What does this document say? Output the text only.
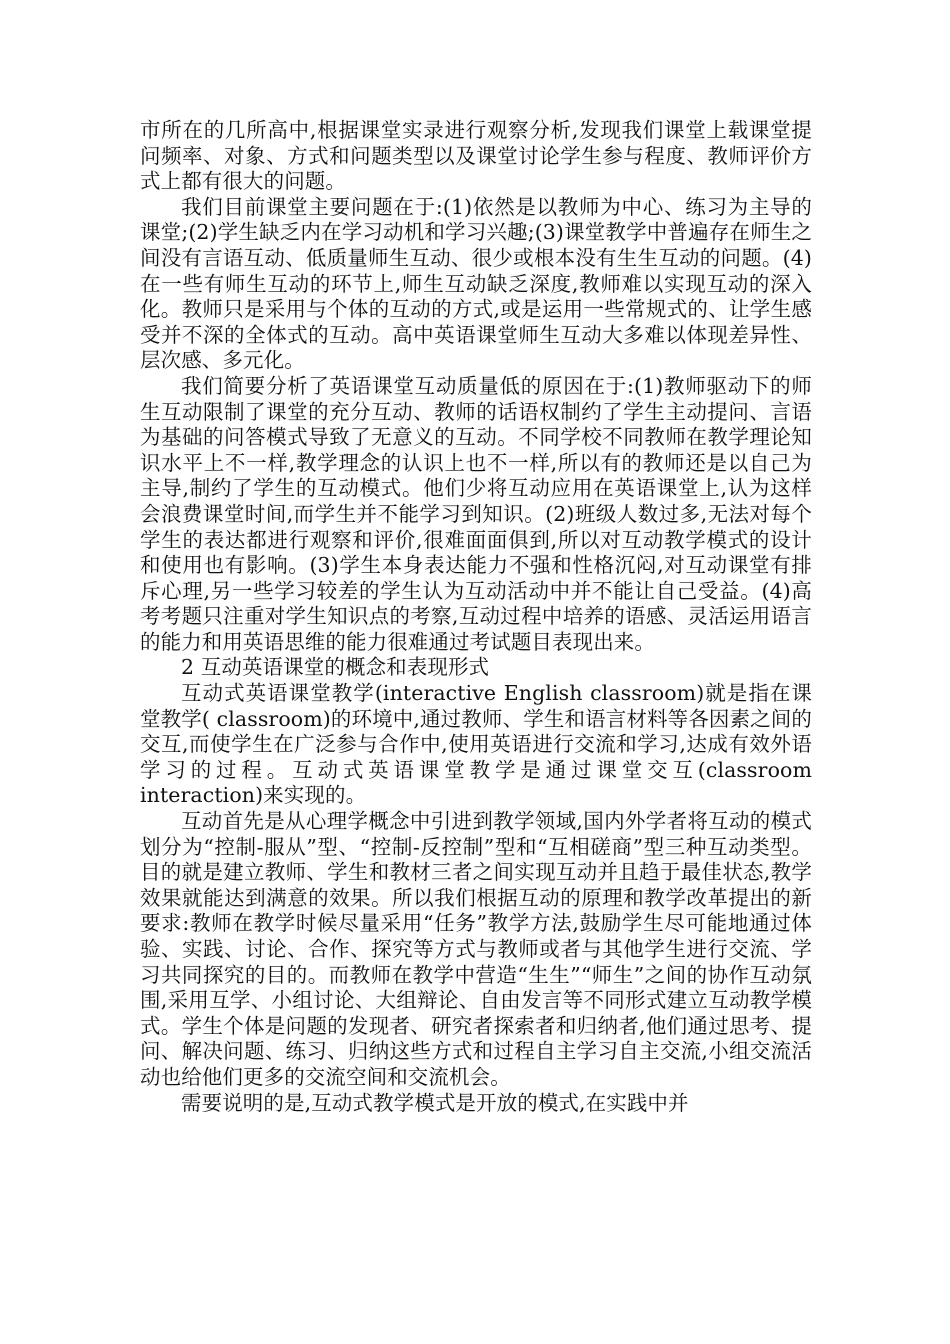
市所在的几所高中,根据课堂实录进行观察分析,发现我们课堂上载课堂提问频率、对象、方式和问题类型以及课堂讨论学生参与程度、教师评价方式上都有很大的问题。

我们目前课堂主要问题在于:(1)依然是以教师为中心、练习为主导的课堂;(2)学生缺乏内在学习动机和学习兴趣;(3)课堂教学中普遍存在师生之间没有言语互动、低质量师生互动、很少或根本没有生生互动的问题。(4)在一些有师生互动的环节上,师生互动缺乏深度,教师难以实现互动的深入化。教师只是采用与个体的互动的方式,或是运用一些常规式的、让学生感受并不深的全体式的互动。高中英语课堂师生互动大多难以体现差异性、层次感、多元化。

我们简要分析了英语课堂互动质量低的原因在于:(1)教师驱动下的师生互动限制了课堂的充分互动、教师的话语权制约了学生主动提问、言语为基础的问答模式导致了无意义的互动。不同学校不同教师在教学理论知识水平上不一样,教学理念的认识上也不一样,所以有的教师还是以自己为主导,制约了学生的互动模式。他们少将互动应用在英语课堂上,认为这样会浪费课堂时间,而学生并不能学习到知识。(2)班级人数过多,无法对每个学生的表达都进行观察和评价,很难面面俱到,所以对互动教学模式的设计和使用也有影响。(3)学生本身表达能力不强和性格沉闷,对互动课堂有排斥心理,另一些学习较差的学生认为互动活动中并不能让自己受益。(4)高考考题只注重对学生知识点的考察,互动过程中培养的语感、灵活运用语言的能力和用英语思维的能力很难通过考试题目表现出来。

2 互动英语课堂的概念和表现形式

互动式英语课堂教学(interactive English classroom)就是指在课堂教学( classroom)的环境中,通过教师、学生和语言材料等各因素之间的交互,而使学生在广泛参与合作中,使用英语进行交流和学习,达成有效外语学习的过程。互动式英语课堂教学是通过课堂交互(classroom interaction)来实现的。

互动首先是从心理学概念中引进到教学领域,国内外学者将互动的模式划分为“控制-服从”型、“控制-反控制”型和“互相磋商”型三种互动类型。目的就是建立教师、学生和教材三者之间实现互动并且趋于最佳状态,教学效果就能达到满意的效果。所以我们根据互动的原理和教学改革提出的新要求:教师在教学时候尽量采用“任务”教学方法,鼓励学生尽可能地通过体验、实践、讨论、合作、探究等方式与教师或者与其他学生进行交流、学习共同探究的目的。而教师在教学中营造“生生”“师生”之间的协作互动氛围,采用互学、小组讨论、大组辩论、自由发言等不同形式建立互动教学模式。学生个体是问题的发现者、研究者探索者和归纳者,他们通过思考、提问、解决问题、练习、归纳这些方式和过程自主学习自主交流,小组交流活动也给他们更多的交流空间和交流机会。

需要说明的是,互动式教学模式是开放的模式,在实践中并
